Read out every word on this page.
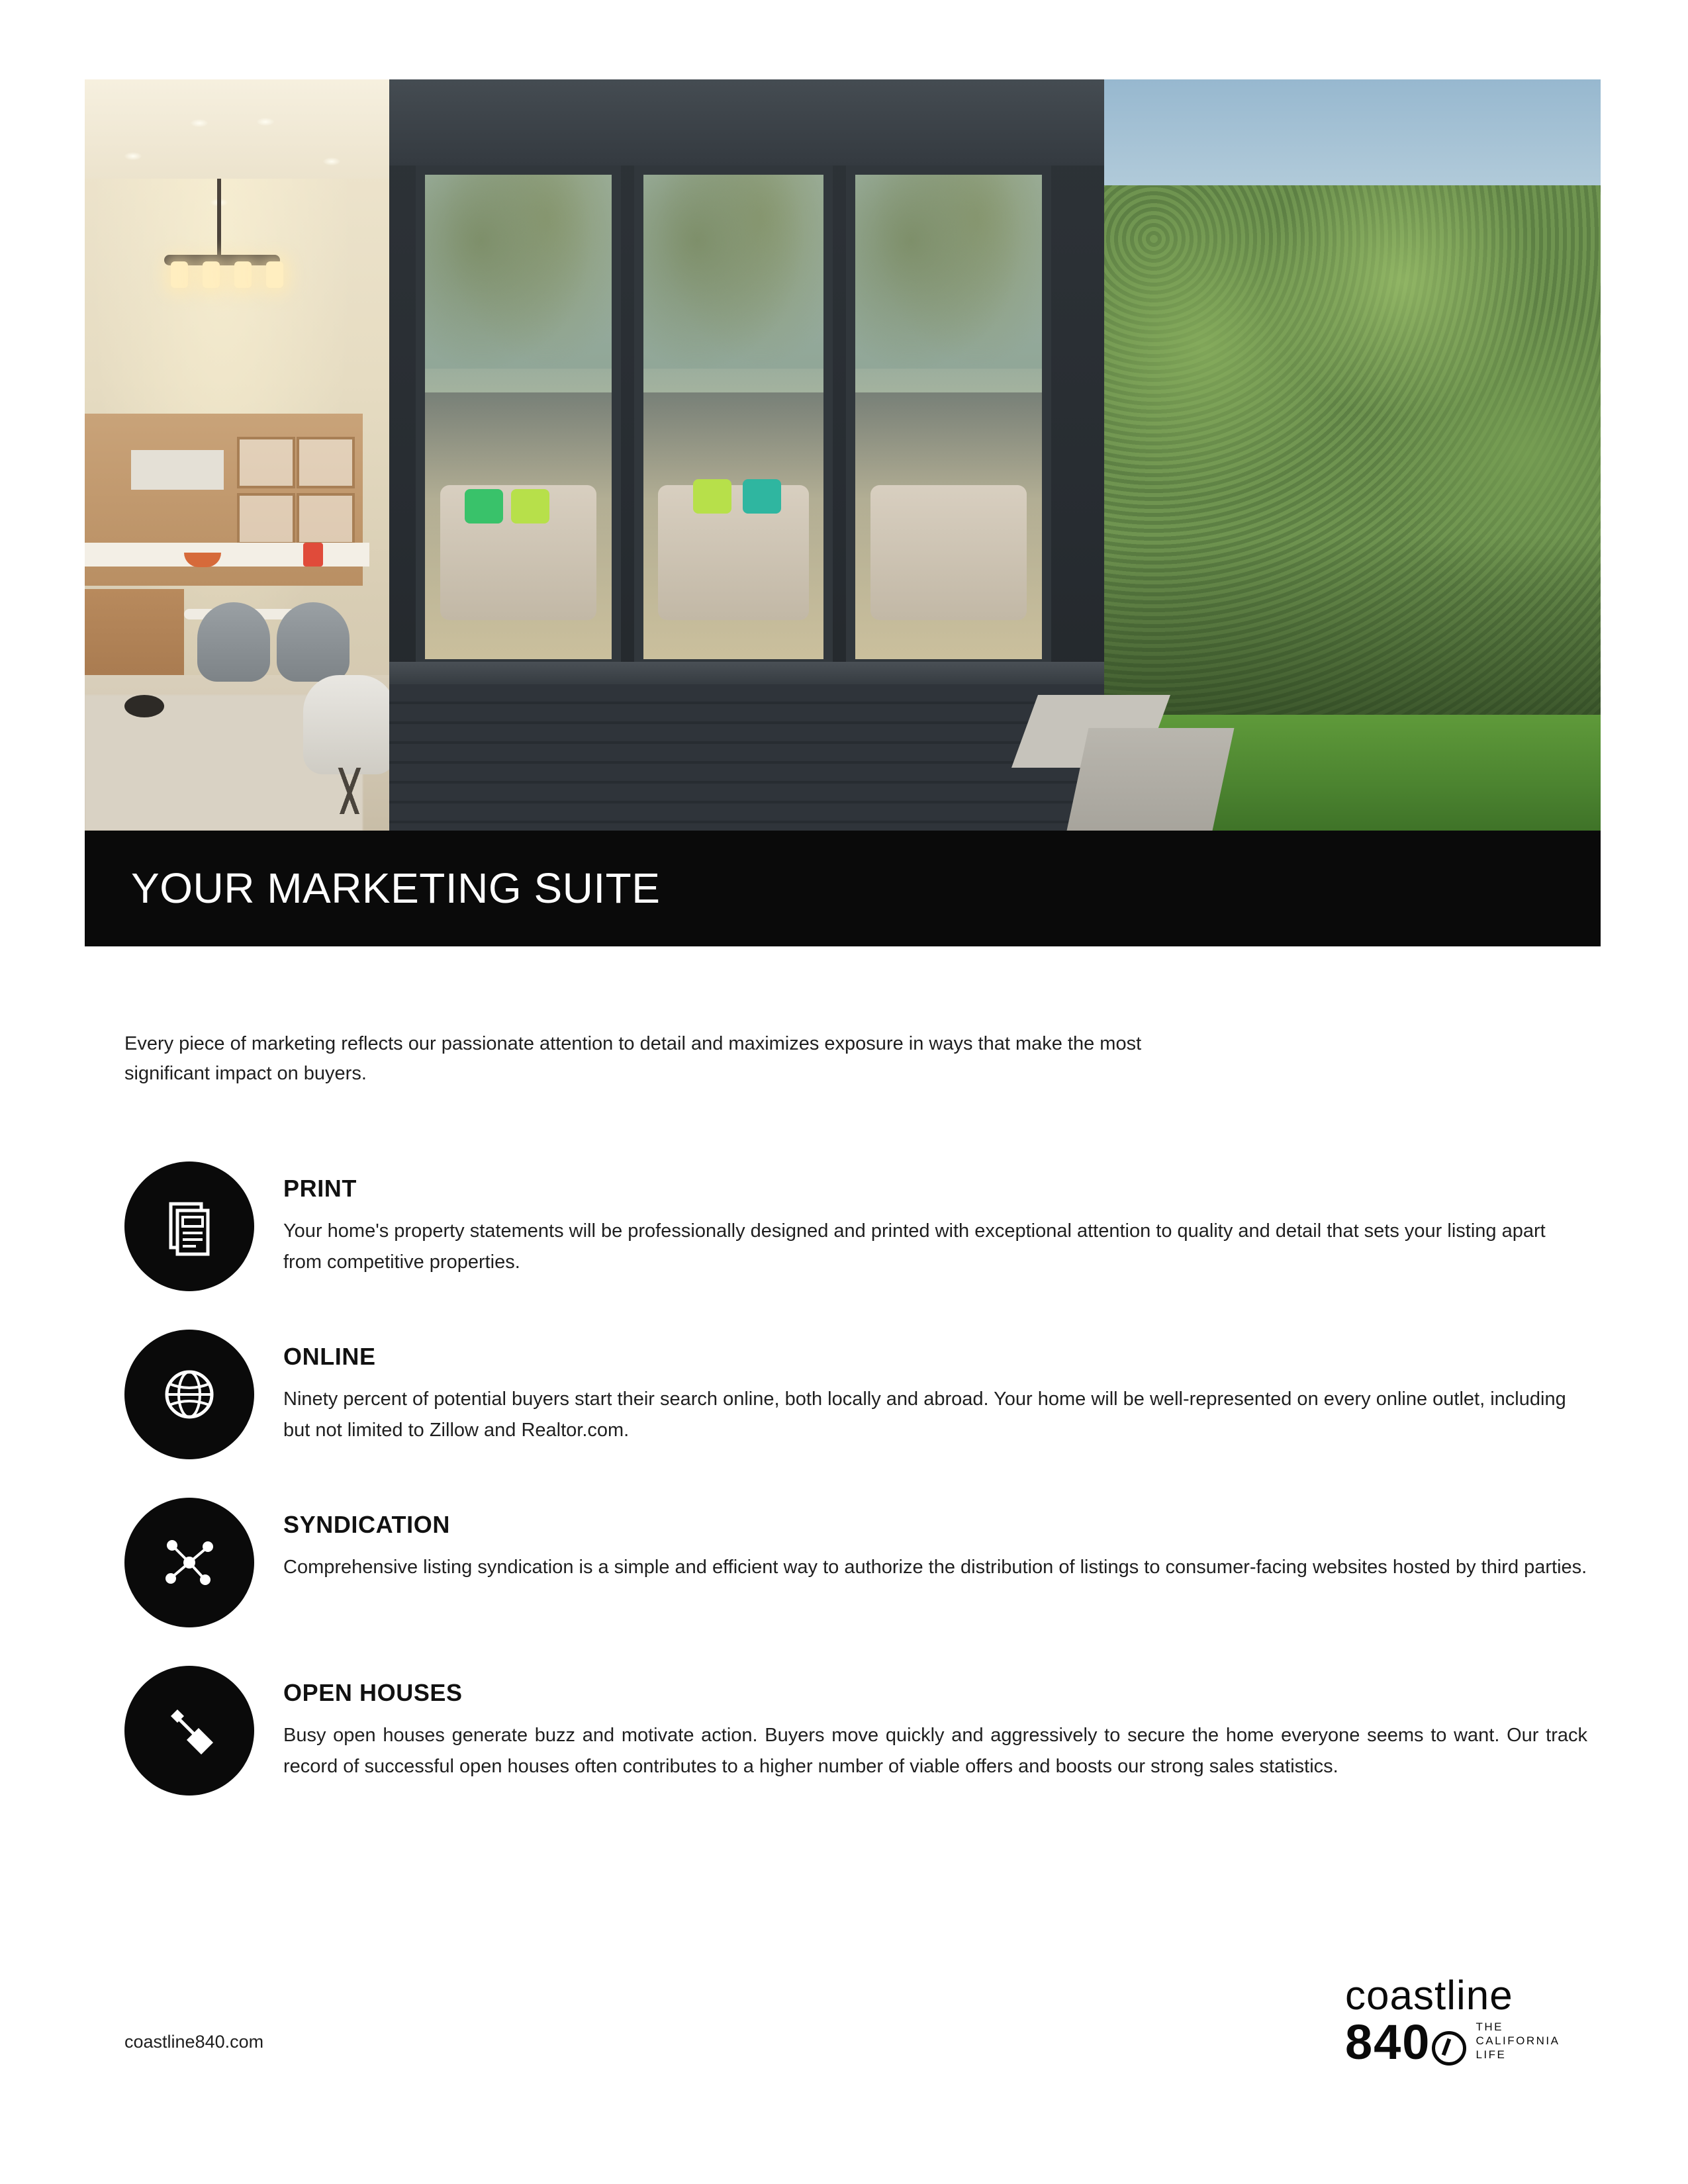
YOUR MARKETING SUITE
Every piece of marketing reflects our passionate attention to detail and maximizes exposure in ways that make the most significant impact on buyers.
PRINT
Your home's property statements will be professionally designed and printed with exceptional attention to quality and detail that sets your listing apart from competitive properties.
ONLINE
Ninety percent of potential buyers start their search online, both locally and abroad. Your home will be well-represented on every online outlet, including but not limited to Zillow and Realtor.com.
SYNDICATION
Comprehensive listing syndication is a simple and efficient way to authorize the distribution of listings to consumer-facing websites hosted by third parties.
OPEN HOUSES
Busy open houses generate buzz and motivate action. Buyers move quickly and aggressively to secure the home everyone seems to want. Our track record of successful open houses often contributes to a higher number of viable offers and boosts our strong sales statistics.
coastline840.com
coastline
840	THE
CALIFORNIA
LIFE
